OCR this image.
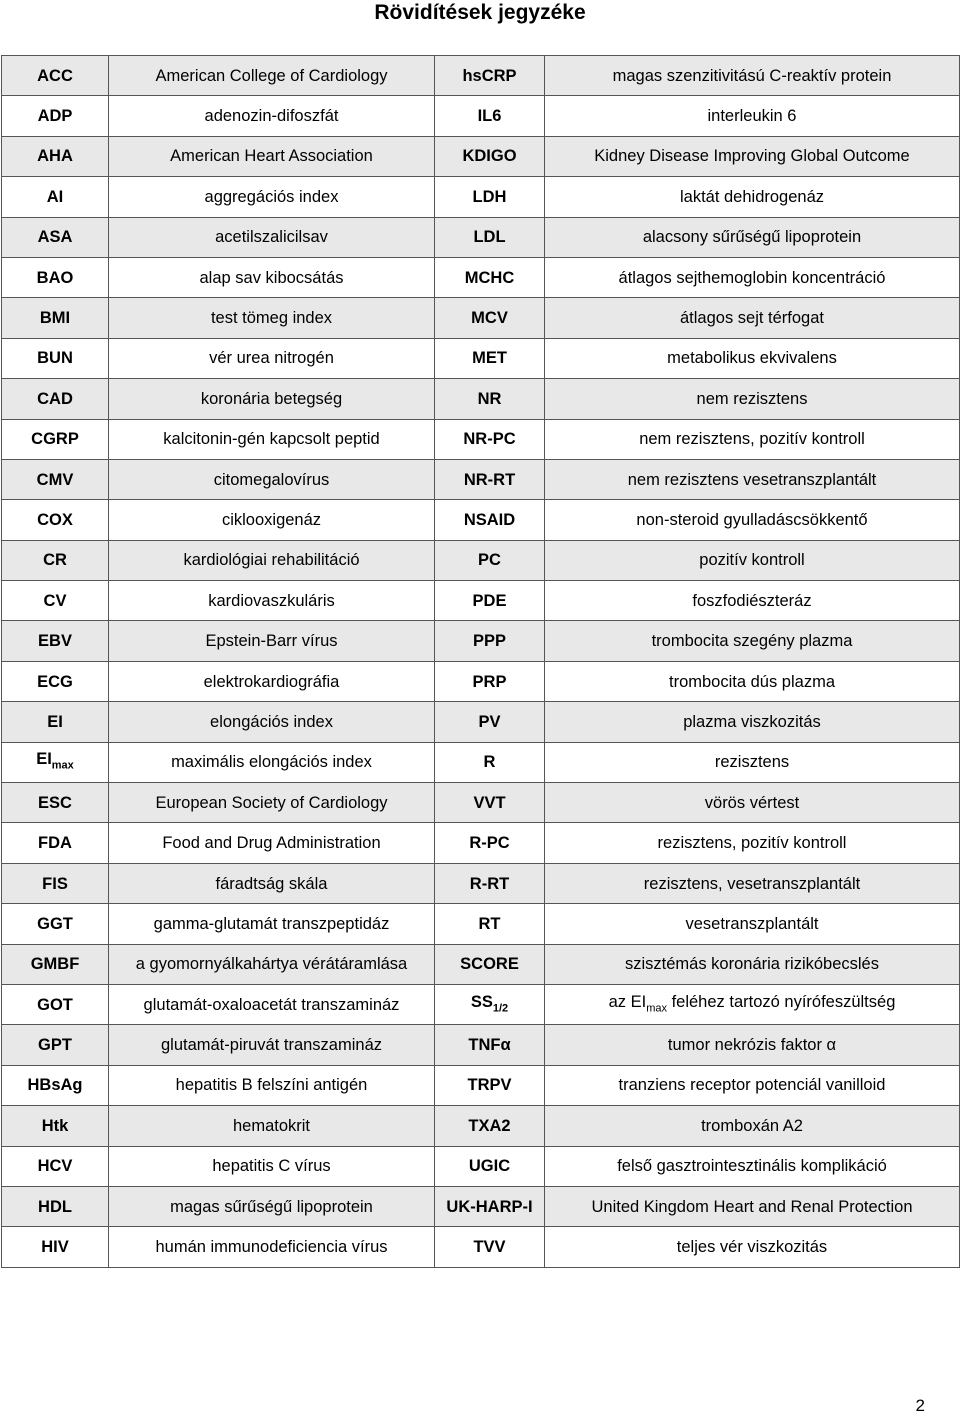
Rövidítések jegyzéke
ACC	American College of Cardiology	hsCRP	magas szenzitivitású C-reaktív protein
ADP	adenozin-difoszfát	IL6	interleukin 6
AHA	American Heart Association	KDIGO	Kidney Disease Improving Global Outcome
AI	aggregációs index	LDH	laktát dehidrogenáz
ASA	acetilszalicilsav	LDL	alacsony sűrűségű lipoprotein
BAO	alap sav kibocsátás	MCHC	átlagos sejthemoglobin koncentráció
BMI	test tömeg index	MCV	átlagos sejt térfogat
BUN	vér urea nitrogén	MET	metabolikus ekvivalens
CAD	koronária betegség	NR	nem rezisztens
CGRP	kalcitonin-gén kapcsolt peptid	NR-PC	nem rezisztens, pozitív kontroll
CMV	citomegalovírus	NR-RT	nem rezisztens vesetranszplantált
COX	ciklooxigenáz	NSAID	non-steroid gyulladáscsökkentő
CR	kardiológiai rehabilitáció	PC	pozitív kontroll
CV	kardiovaszkuláris	PDE	foszfodiészteráz
EBV	Epstein-Barr vírus	PPP	trombocita szegény plazma
ECG	elektrokardiográfia	PRP	trombocita dús plazma
EI	elongációs index	PV	plazma viszkozitás
$EI_{max}$	maximális elongációs index	R	rezisztens
ESC	European Society of Cardiology	VVT	vörös vértest
FDA	Food and Drug Administration	R-PC	rezisztens, pozitív kontroll
FIS	fáradtság skála	R-RT	rezisztens, vesetranszplantált
GGT	gamma-glutamát transzpeptidáz	RT	vesetranszplantált
GMBF	a gyomornyálkahártya vérátáramlása	SCORE	szisztémás koronária rizikóbecslés
GOT	glutamát-oxaloacetát transzamináz	$SS_{1/2}$	az $EI_{max}$ feléhez tartozó nyírófeszültség
GPT	glutamát-piruvát transzamináz	TNFα	tumor nekrózis faktor α
HBsAg	hepatitis B felszíni antigén	TRPV	tranziens receptor potenciál vanilloid
Htk	hematokrit	TXA2	tromboxán A2
HCV	hepatitis C vírus	UGIC	felső gasztrointesztinális komplikáció
HDL	magas sűrűségű lipoprotein	UK-HARP-I	United Kingdom Heart and Renal Protection
HIV	humán immunodeficiencia vírus	TVV	teljes vér viszkozitás
2
